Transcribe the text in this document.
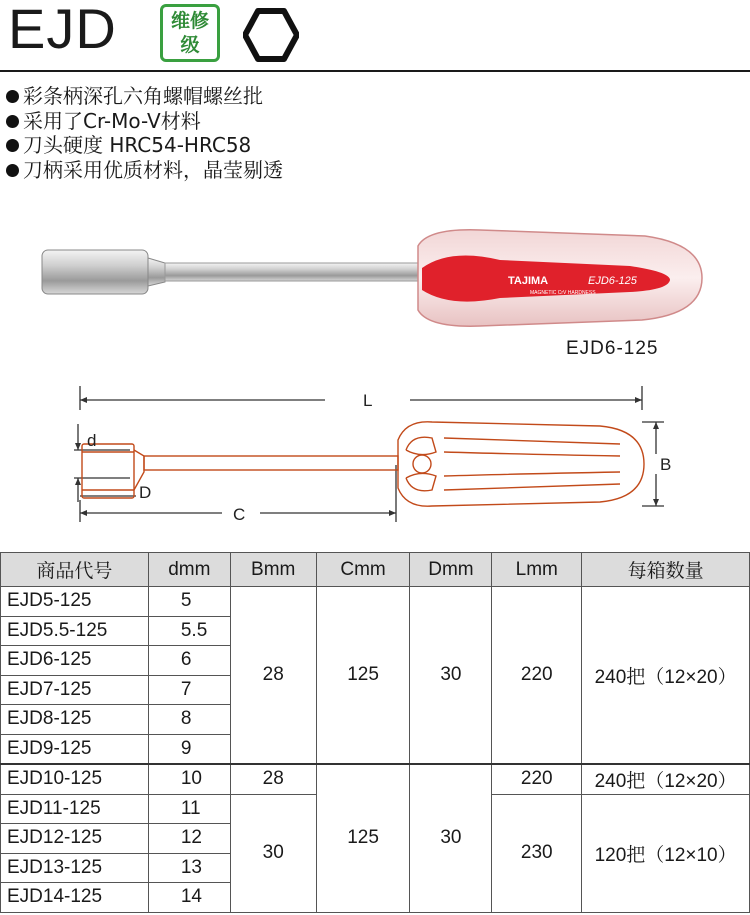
EJD	维修
级
彩条柄深孔六角螺帽螺丝批
采用了Cr-Mo-V材料
刀头硬度 HRC54-HRC58
刀柄采用优质材料，晶莹剔透
TAJIMA	EJD6-125
MAGNETIC CrV HARDNESS
EJD6-125
L
d
D
C
B
商品代号	dmm	Bmm	Cmm	Dmm	Lmm	每箱数量
EJD5-125	5	28	125	30	220	240把（12×20）
EJD5.5-125	5.5					
EJD6-125	6					
EJD7-125	7					
EJD8-125	8					
EJD9-125	9					
EJD10-125	10	28	125	30	220	240把（12×20）
EJD11-125	11	30			230	120把（12×10）
EJD12-125	12					
EJD13-125	13					
EJD14-125	14					
